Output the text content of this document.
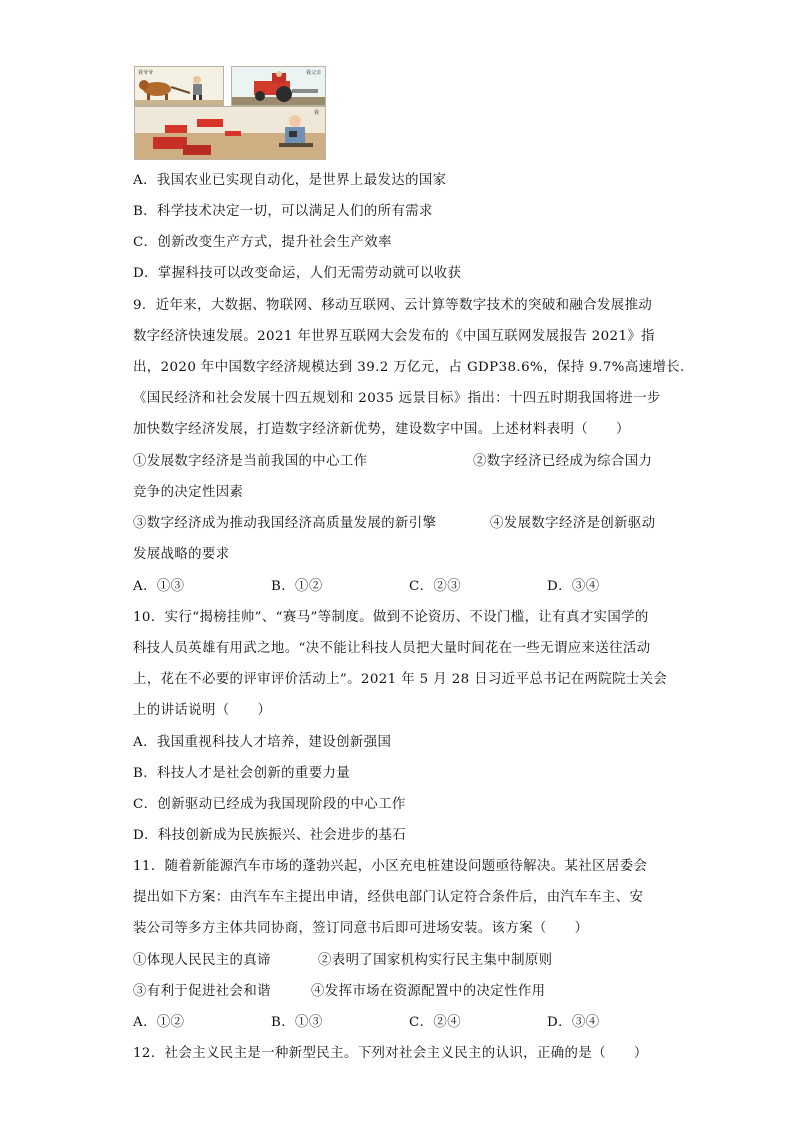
我爷爷	我父亲
我
A．我国农业已实现自动化，是世界上最发达的国家
B．科学技术决定一切，可以满足人们的所有需求
C．创新改变生产方式，提升社会生产效率
D．掌握科技可以改变命运，人们无需劳动就可以收获
9．近年来，大数据、物联网、移动互联网、云计算等数字技术的突破和融合发展推动
数字经济快速发展。2021 年世界互联网大会发布的《中国互联网发展报告 2021》指
出，2020 年中国数字经济规模达到 39.2 万亿元，占 GDP38.6%，保持 9.7%高速增长.
《国民经济和社会发展十四五规划和 2035 远景目标》指出：十四五时期我国将进一步
加快数字经济发展，打造数字经济新优势，建设数字中国。上述材料表明（      ）

①发展数字经济是当前我国的中心工作

	②数字经济已经成为综合国力

竞争的决定性因素

③数字经济成为推动我国经济高质量发展的新引擎

	④发展数字经济是创新驱动

发展战略的要求

A．①③

	B．①②

	C．②③

	D．③④

10．实行“揭榜挂帅”、“赛马”等制度。做到不论资历、不设门槛，让有真才实国学的
科技人员英雄有用武之地。“决不能让科技人员把大量时间花在一些无谓应来送往活动
上，花在不必要的评审评价活动上”。2021 年 5 月 28 日习近平总书记在两院院士关会
上的讲话说明（      ）
A．我国重视科技人才培养，建设创新强国
B．科技人才是社会创新的重要力量
C．创新驱动已经成为我国现阶段的中心工作
D．科技创新成为民族振兴、社会进步的基石
11．随着新能源汽车市场的蓬勃兴起，小区充电桩建设问题亟待解决。某社区居委会
提出如下方案：由汽车车主提出申请，经供电部门认定符合条件后，由汽车车主、安
装公司等多方主体共同协商，签订同意书后即可进场安装。该方案（      ）

①体现人民民主的真谛

	②表明了国家机构实行民主集中制原则

③有利于促进社会和谐

	④发挥市场在资源配置中的决定性作用

A．①②

	B．①③

	C．②④

	D．③④

12．社会主义民主是一种新型民主。下列对社会主义民主的认识，正确的是（      ）
